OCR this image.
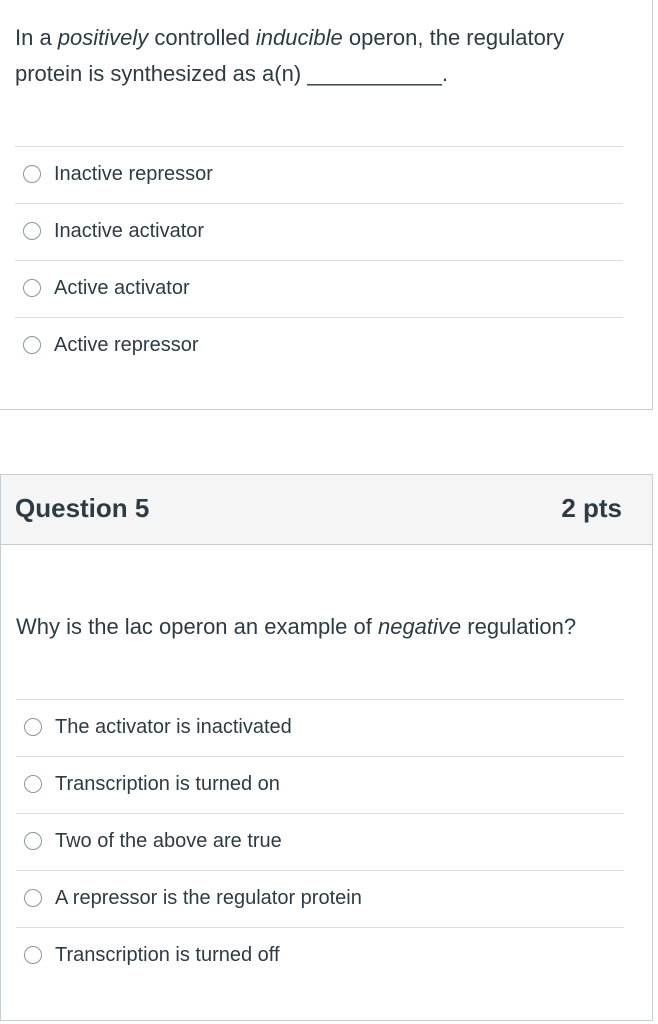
In a positively controlled inducible operon, the regulatory protein is synthesized as a(n) ___________.
Inactive repressor
Inactive activator
Active activator
Active repressor
Question 5	2 pts
Why is the lac operon an example of negative regulation?
The activator is inactivated
Transcription is turned on
Two of the above are true
A repressor is the regulator protein
Transcription is turned off
